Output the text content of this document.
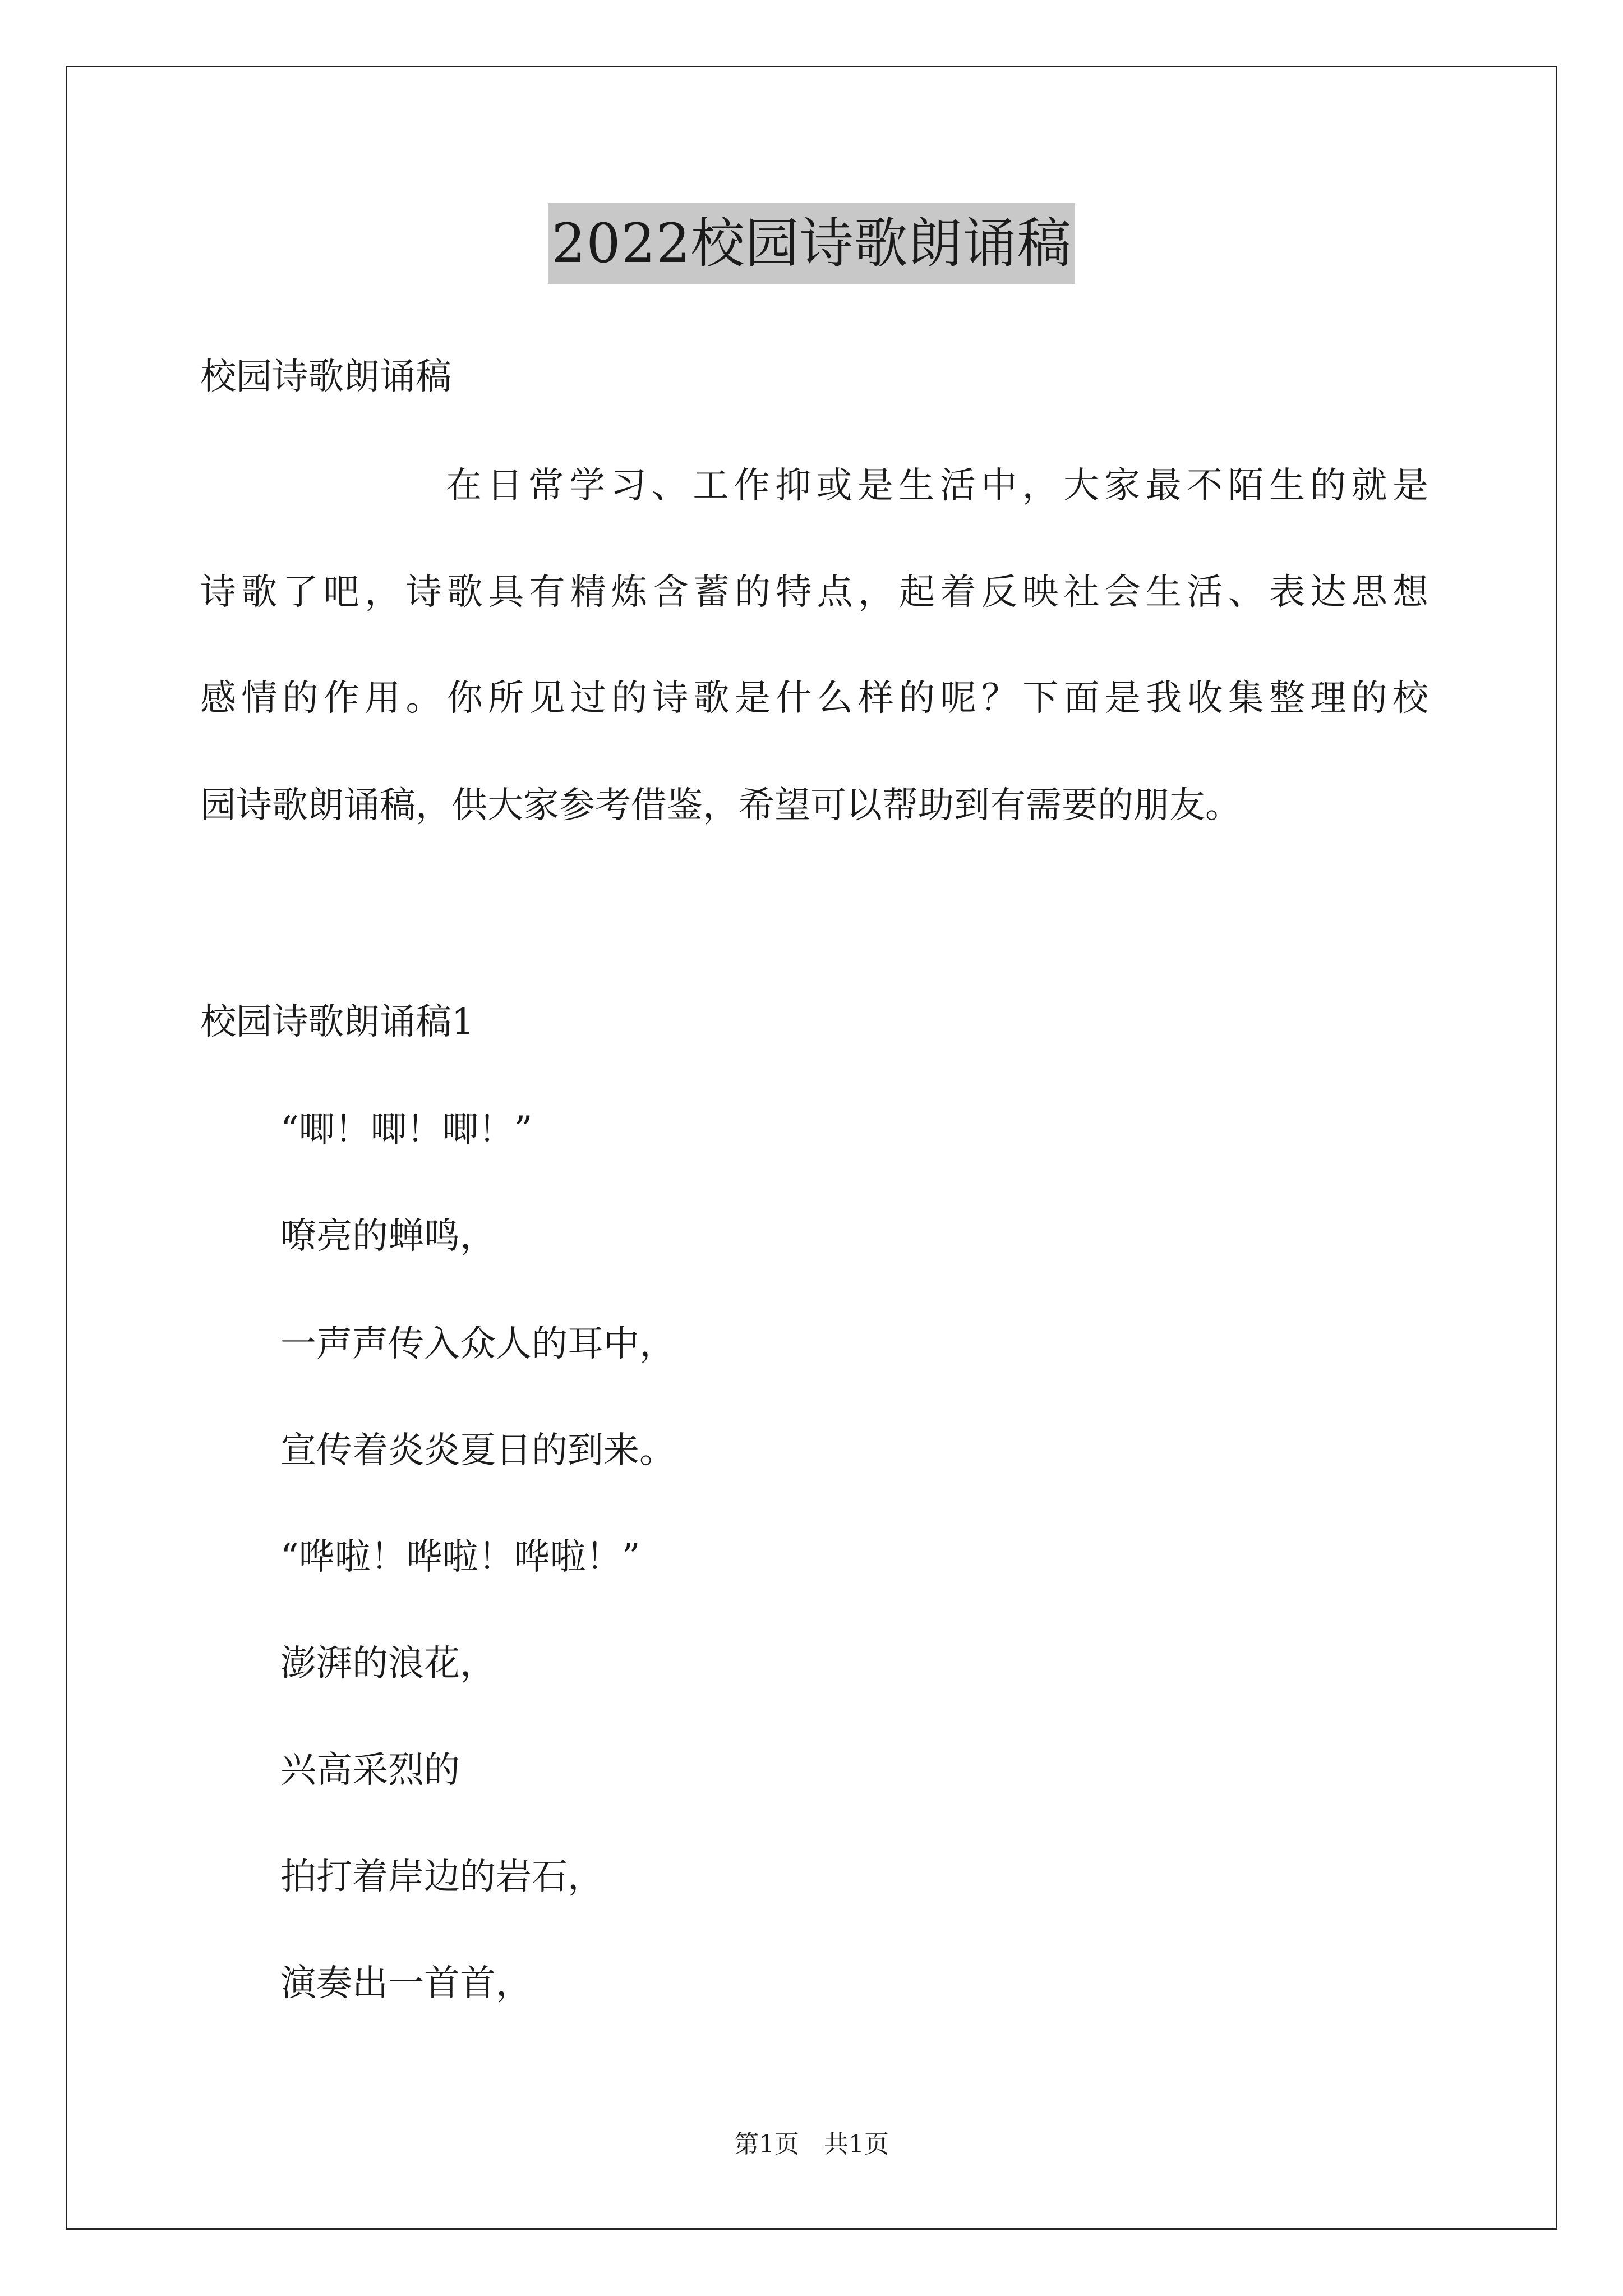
2022校园诗歌朗诵稿
校园诗歌朗诵稿
在日常学习、工作抑或是生活中，大家最不陌生的就是
诗歌了吧，诗歌具有精炼含蓄的特点，起着反映社会生活、表达思想
感情的作用。你所见过的诗歌是什么样的呢？下面是我收集整理的校
园诗歌朗诵稿，供大家参考借鉴，希望可以帮助到有需要的朋友。
校园诗歌朗诵稿1
“唧！唧！唧！”
嘹亮的蝉鸣，
一声声传入众人的耳中，
宣传着炎炎夏日的到来。
“哗啦！哗啦！哗啦！”
澎湃的浪花，
兴高采烈的
拍打着岸边的岩石，
演奏出一首首，
第1页　共1页
